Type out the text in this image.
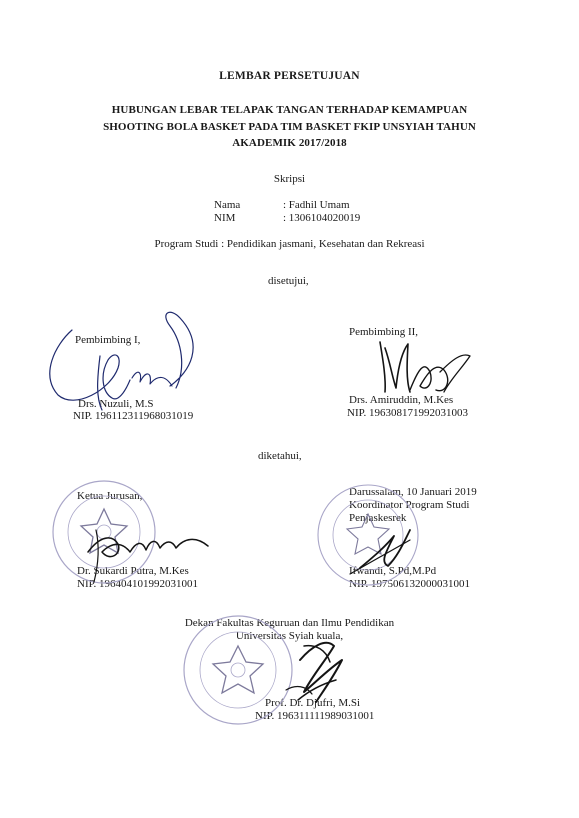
LEMBAR PERSETUJUAN
HUBUNGAN LEBAR TELAPAK TANGAN TERHADAP KEMAMPUAN
SHOOTING BOLA BASKET PADA TIM BASKET FKIP UNSYIAH TAHUN
AKADEMIK 2017/2018
Skripsi
Nama	: Fadhil Umam
NIM	: 1306104020019
Program Studi : Pendidikan jasmani, Kesehatan dan Rekreasi
disetujui,
Pembimbing I,
Drs. Nuzuli, M.S
NIP. 196112311968031019
Pembimbing II,
Drs. Amiruddin, M.Kes
NIP. 196308171992031003
diketahui,
Ketua Jurusan,
Dr. Sukardi Putra, M.Kes
NIP. 196404101992031001
Darussalam, 10 Januari 2019
Koordinator Program Studi
Penjaskesrek
Ifwandi, S.Pd,M.Pd
NIP. 197506132000031001
Dekan Fakultas Keguruan dan Ilmu Pendidikan
Universitas Syiah kuala,
Prof. Dr. Djufri, M.Si
NIP. 196311111989031001
